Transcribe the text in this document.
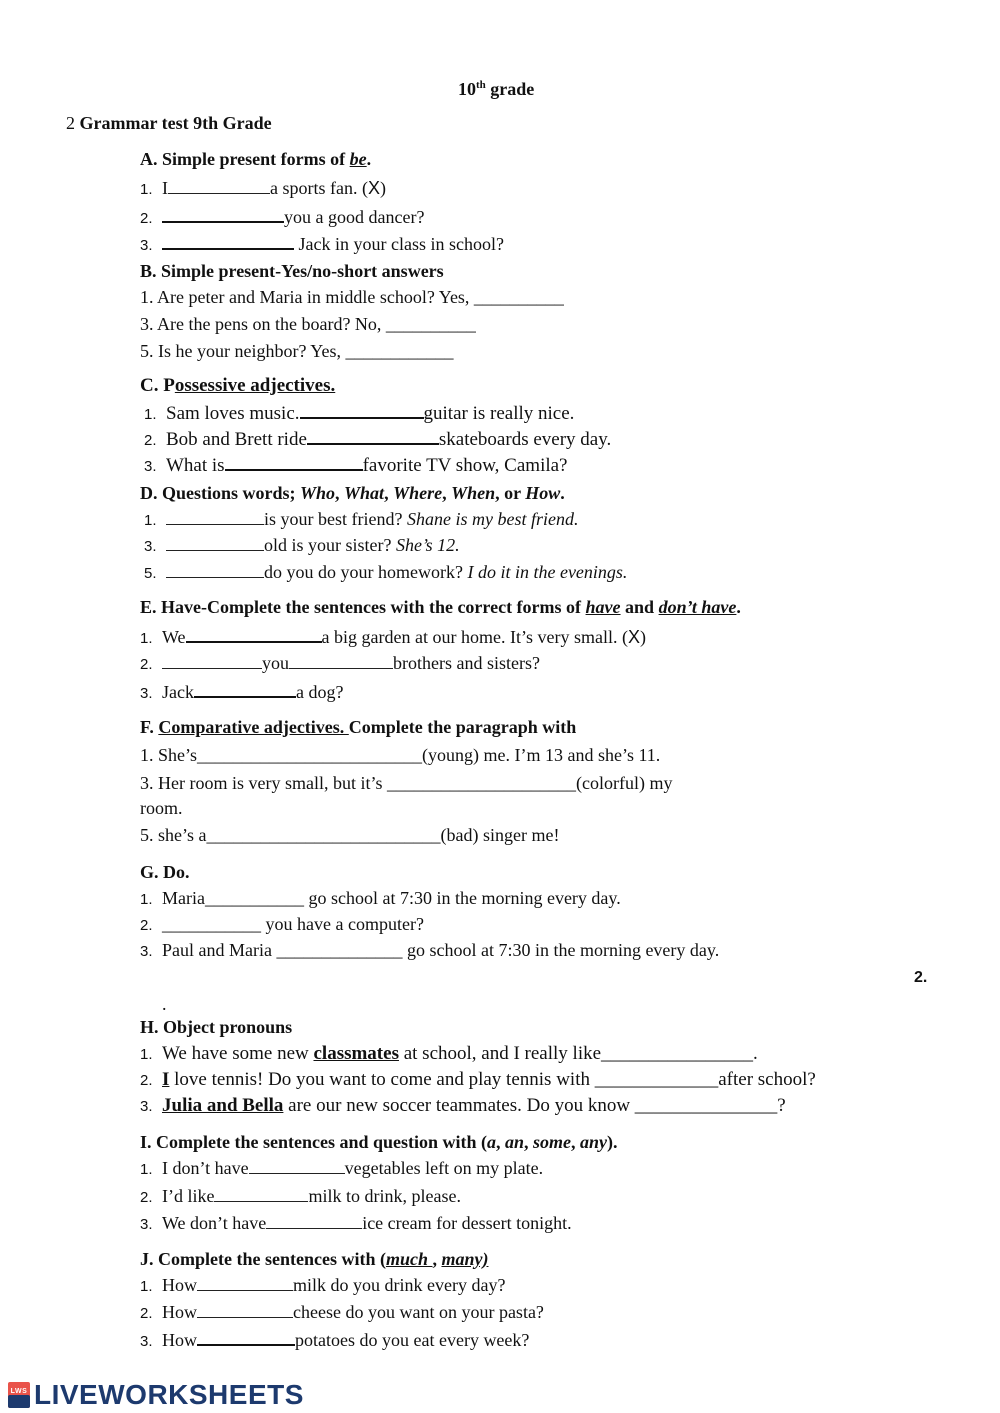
10th grade
2 Grammar test 9th Grade
A. Simple present forms of be.
1. I	a sports fan. (X)
2.	you a good dancer?
3.	Jack in your class in school?
B. Simple present-Yes/no-short answers
1. Are peter and Maria in middle school? Yes, __________
3. Are the pens on the board? No, __________
5. Is he your neighbor? Yes, ____________
C. Possessive adjectives.
1. Sam loves music.	guitar is really nice.
2. Bob and Brett ride	skateboards every day.
3. What is	favorite TV show, Camila?
D. Questions words; Who, What, Where, When, or How.
1.	is your best friend? Shane is my best friend.
3.	old is your sister? She’s 12.
5.	do you do your homework? I do it in the evenings.
E. Have-Complete the sentences with the correct forms of have and don’t have.
1. We	a big garden at our home. It’s very small. (X)
2.	you	brothers and sisters?
3. Jack	a dog?
F. Comparative adjectives. Complete the paragraph with
1. She’s_________________________(young) me. I’m 13 and she’s 11.
3. Her room is very small, but it’s _____________________(colorful) my
room.
5. she’s a__________________________(bad) singer me!
G. Do.
1. Maria___________ go school at 7:30 in the morning every day.
2. ___________ you have a computer?
3. Paul and Maria ______________ go school at 7:30 in the morning every day.
2.
.
H. Object pronouns
1. We have some new classmates at school, and I really like________________.
2. I love tennis! Do you want to come and play tennis with _____________after school?
3. Julia and Bella are our new soccer teammates. Do you know _______________?
I. Complete the sentences and question with (a, an, some, any).
1. I don’t have	vegetables left on my plate.
2. I’d like	milk to drink, please.
3. We don’t have	ice cream for dessert tonight.
J. Complete the sentences with (much , many)
1. How	milk do you drink every day?
2. How	cheese do you want on your pasta?
3. How	potatoes do you eat every week?
LWS LIVEWORKSHEETS
